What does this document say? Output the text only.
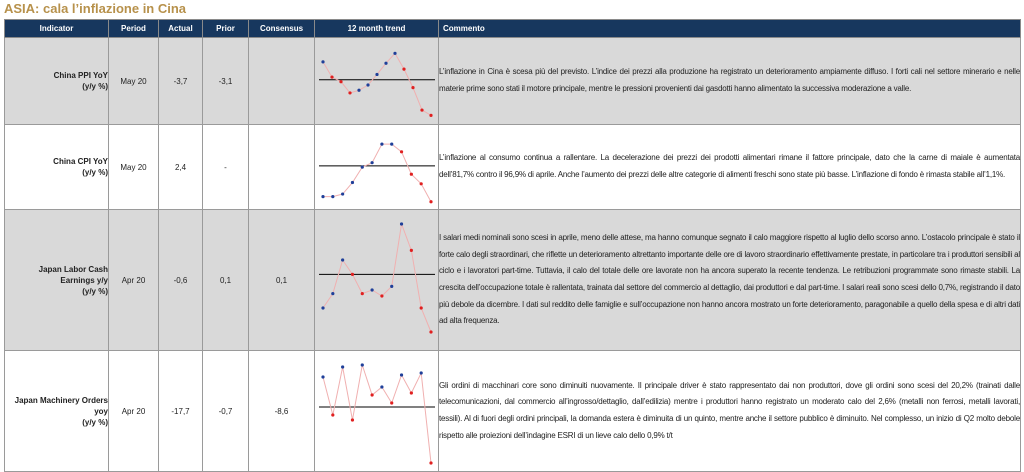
ASIA: cala l’inflazione in Cina
Indicator	Period	Actual	Prior	Consensus	12 month trend	Commento

China PPI YoY
(y/y %)	May 20	-3,7	-3,1			L’inflazione in Cina è scesa più del previsto. L’indice dei prezzi alla produzione ha registrato un deterioramento ampiamente diffuso. I forti cali nel settore minerario e nelle materie prime sono stati il motore principale, mentre le pressioni provenienti dai gasdotti hanno alimentato la successiva moderazione a valle.

China CPI YoY
(y/y %)	May 20	2,4	-			L’inflazione al consumo continua a rallentare. La decelerazione dei prezzi dei prodotti alimentari rimane il fattore principale, dato che la carne di maiale è aumentata dell’81,7% contro il 96,9% di aprile. Anche l’aumento dei prezzi delle altre categorie di alimenti freschi sono state più basse. L’inflazione di fondo è rimasta stabile all’1,1%.

Japan Labor Cash Earnings y/y
(y/y %)	Apr 20	-0,6	0,1	0,1		I salari medi nominali sono scesi in aprile, meno delle attese, ma hanno comunque segnato il calo maggiore rispetto al luglio dello scorso anno. L’ostacolo principale è stato il forte calo degli straordinari, che riflette un deterioramento altrettanto importante delle ore di lavoro straordinario effettivamente prestate, in particolare tra i produttori sensibili al ciclo e i lavoratori part-time. Tuttavia, il calo del totale delle ore lavorate non ha ancora superato la recente tendenza. Le retribuzioni programmate sono rimaste stabili. La crescita dell’occupazione totale è rallentata, trainata dal settore del commercio al dettaglio, dai produttori e dal part-time. I salari reali sono scesi dello 0,7%, registrando il dato più debole da dicembre. I dati sul reddito delle famiglie e sull’occupazione non hanno ancora mostrato un forte deterioramento, paragonabile a quello della spesa e di altri dati ad alta frequenza.

Japan Machinery Orders yoy
(y/y %)	Apr 20	-17,7	-0,7	-8,6		Gli ordini di macchinari core sono diminuiti nuovamente. Il principale driver è stato rappresentato dai non produttori, dove gli ordini sono scesi del 20,2% (trainati dalle telecomunicazioni, dal commercio all’ingrosso/dettaglio, dall’edilizia) mentre i produttori hanno registrato un moderato calo del 2,6% (metalli non ferrosi, metalli lavorati, tessili). Al di fuori degli ordini principali, la domanda estera è diminuita di un quinto, mentre anche il settore pubblico è diminuito. Nel complesso, un inizio di Q2 molto debole rispetto alle proiezioni dell’indagine ESRI di un lieve calo dello 0,9% t/t
